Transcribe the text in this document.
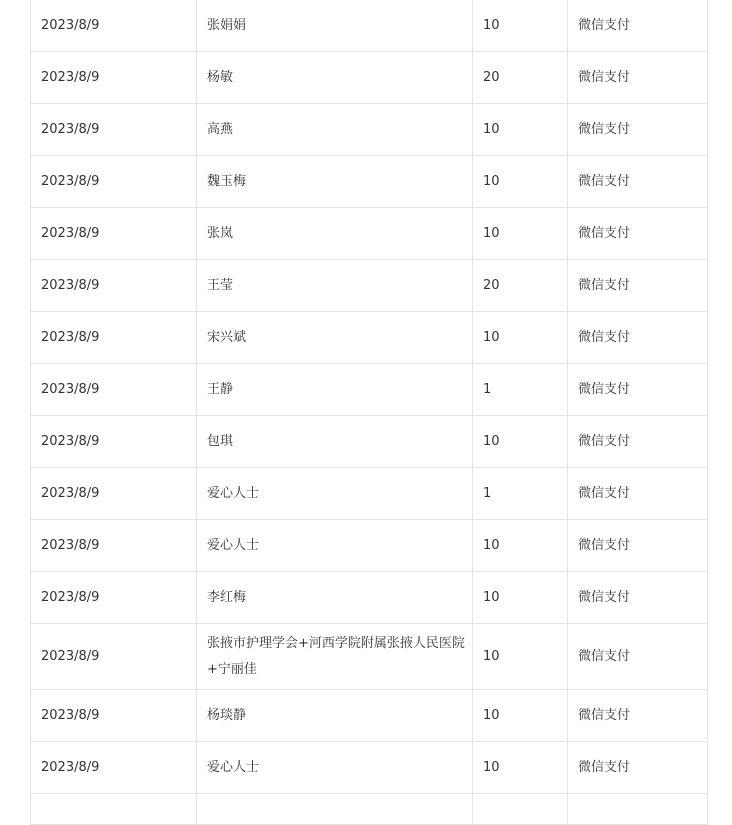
2023/8/9	张娟娟	10	微信支付
2023/8/9	杨敏	20	微信支付
2023/8/9	高燕	10	微信支付
2023/8/9	魏玉梅	10	微信支付
2023/8/9	张岚	10	微信支付
2023/8/9	王莹	20	微信支付
2023/8/9	宋兴斌	10	微信支付
2023/8/9	王静	1	微信支付
2023/8/9	包琪	10	微信支付
2023/8/9	爱心人士	1	微信支付
2023/8/9	爱心人士	10	微信支付
2023/8/9	李红梅	10	微信支付
2023/8/9	张掖市护理学会+河西学院附属张掖人民医院+宁丽佳	10	微信支付
2023/8/9	杨琰静	10	微信支付
2023/8/9	爱心人士	10	微信支付
